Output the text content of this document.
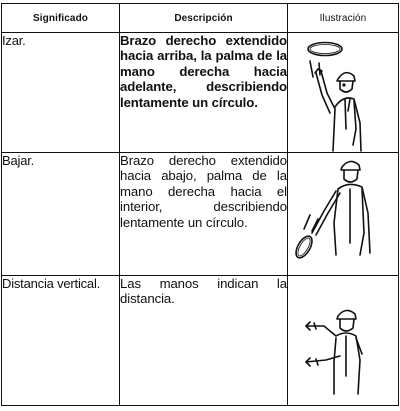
Significado	Descripción	Ilustración
Izar.	Brazo derecho extendido hacia arriba, la palma de la mano derecha hacia adelante, describiendo lentamente un círculo.	

Bajar.	Brazo derecho extendido hacia abajo, palma de la mano derecha hacia el interior, describiendo lentamente un círculo.	

Distancia vertical.	Las manos indican la distancia.	
